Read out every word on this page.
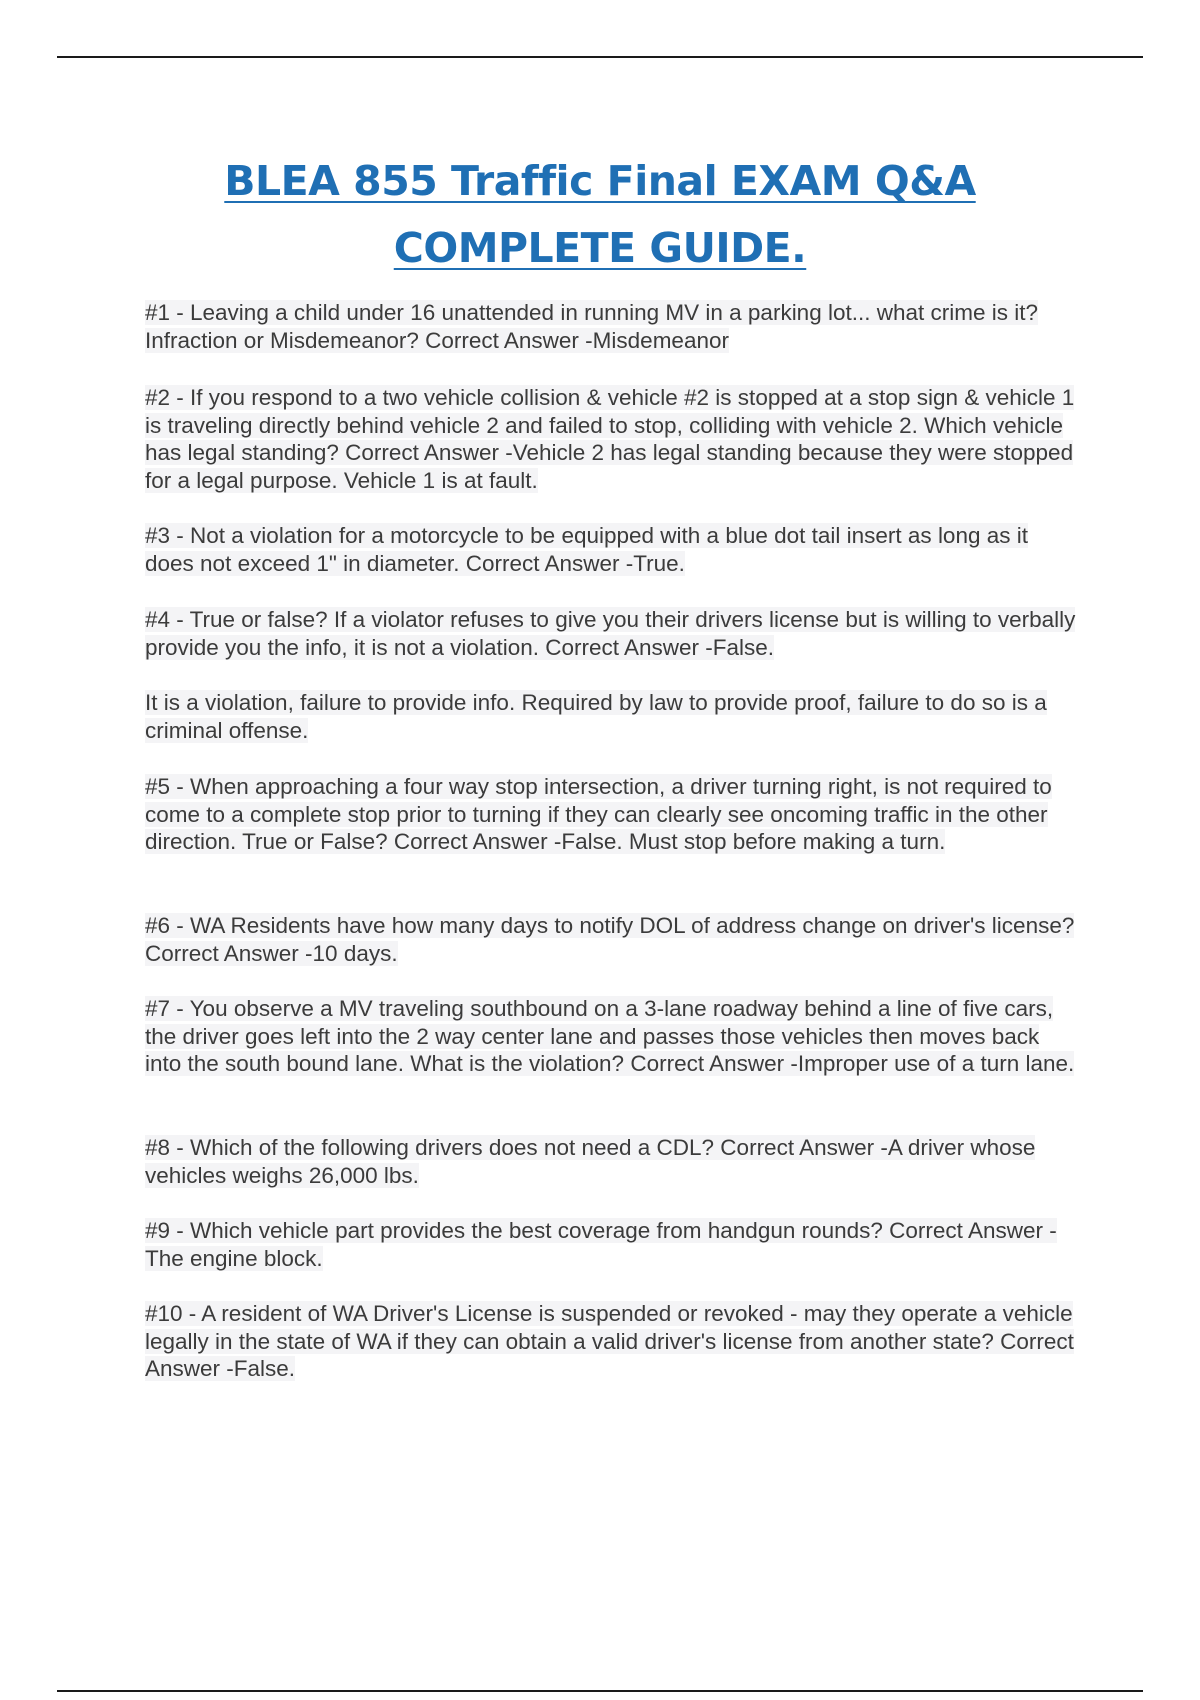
BLEA 855 Traffic Final EXAM Q&A
COMPLETE GUIDE.
#1 - Leaving a child under 16 unattended in running MV in a parking lot... what crime is it? Infraction or Misdemeanor? Correct Answer -Misdemeanor
#2 - If you respond to a two vehicle collision & vehicle #2 is stopped at a stop sign & vehicle 1 is traveling directly behind vehicle 2 and failed to stop, colliding with vehicle 2. Which vehicle has legal standing? Correct Answer -Vehicle 2 has legal standing because they were stopped for a legal purpose. Vehicle 1 is at fault.
#3 - Not a violation for a motorcycle to be equipped with a blue dot tail insert as long as it does not exceed 1" in diameter. Correct Answer -True.
#4 - True or false? If a violator refuses to give you their drivers license but is willing to verbally provide you the info, it is not a violation. Correct Answer -False.
It is a violation, failure to provide info. Required by law to provide proof, failure to do so is a criminal offense.
#5 - When approaching a four way stop intersection, a driver turning right, is not required to come to a complete stop prior to turning if they can clearly see oncoming traffic in the other direction. True or False? Correct Answer -False. Must stop before making a turn.
#6 - WA Residents have how many days to notify DOL of address change on driver's license? Correct Answer -10 days.
#7 - You observe a MV traveling southbound on a 3-lane roadway behind a line of five cars, the driver goes left into the 2 way center lane and passes those vehicles then moves back into the south bound lane. What is the violation? Correct Answer -Improper use of a turn lane.
#8 - Which of the following drivers does not need a CDL? Correct Answer -A driver whose vehicles weighs 26,000 lbs.
#9 - Which vehicle part provides the best coverage from handgun rounds? Correct Answer -The engine block.
#10 - A resident of WA Driver's License is suspended or revoked - may they operate a vehicle legally in the state of WA if they can obtain a valid driver's license from another state? Correct Answer -False.
